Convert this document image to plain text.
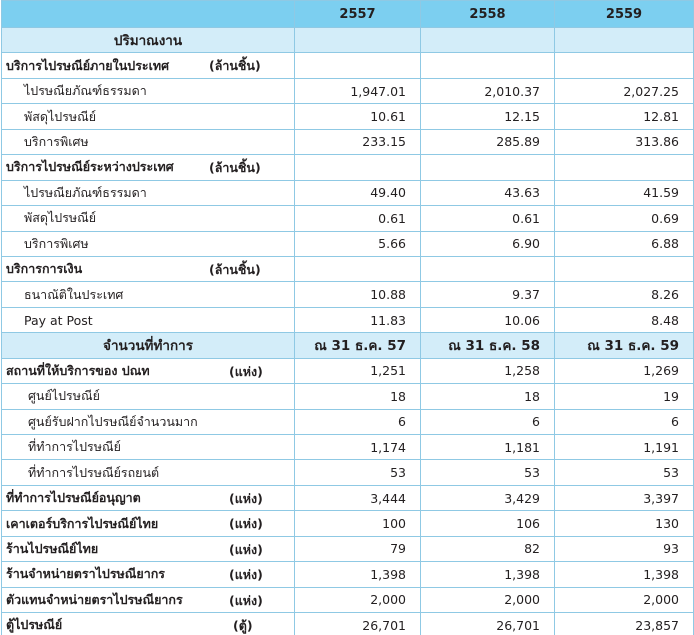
	2557	2558	2559
ปริมาณงาน			
บริการไปรษณีย์ภายในประเทศ (ล้านชิ้น)			

ไปรษณียภัณฑ์ธรรมดา	1,947.01	2,010.37	2,027.25
พัสดุไปรษณีย์	10.61	12.15	12.81
บริการพิเศษ	233.15	285.89	313.86
บริการไปรษณีย์ระหว่างประเทศ (ล้านชิ้น)			

ไปรษณียภัณฑ์ธรรมดา	49.40	43.63	41.59
พัสดุไปรษณีย์	0.61	0.61	0.69
บริการพิเศษ	5.66	6.90	6.88
บริการการเงิน (ล้านชิ้น)			

ธนาณัติในประเทศ	10.88	9.37	8.26
Pay at Post	11.83	10.06	8.48
จำนวนที่ทำการ	ณ 31 ธ.ค. 57	ณ 31 ธ.ค. 58	ณ 31 ธ.ค. 59
สถานที่ให้บริการของ ปณท (แห่ง)	1,251	1,258	1,269
ศูนย์ไปรษณีย์	18	18	19
ศูนย์รับฝากไปรษณีย์จำนวนมาก	6	6	6
ที่ทำการไปรษณีย์	1,174	1,181	1,191
ที่ทำการไปรษณีย์รถยนต์	53	53	53
ที่ทำการไปรษณีย์อนุญาต (แห่ง)	3,444	3,429	3,397
เคาเตอร์บริการไปรษณีย์ไทย (แห่ง)	100	106	130
ร้านไปรษณีย์ไทย (แห่ง)	79	82	93
ร้านจำหน่ายตราไปรษณียากร (แห่ง)	1,398	1,398	1,398
ตัวแทนจำหน่ายตราไปรษณียากร (แห่ง)	2,000	2,000	2,000
ตู้ไปรษณีย์ (ตู้)	26,701	26,701	23,857
